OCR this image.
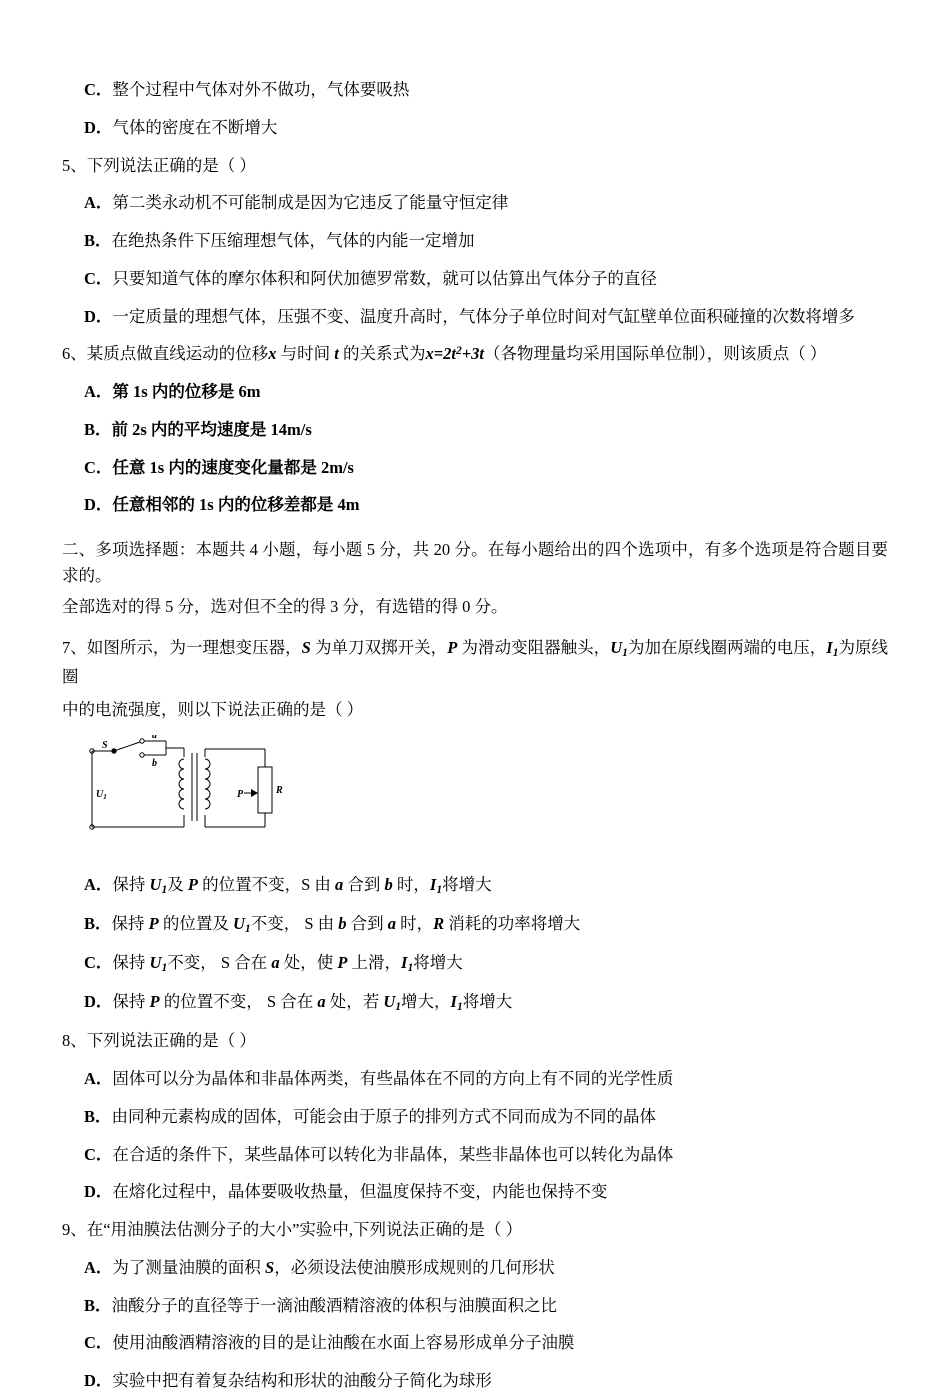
C．整个过程中气体对外不做功，气体要吸热
D．气体的密度在不断增大
5、下列说法正确的是（ ）
A．第二类永动机不可能制成是因为它违反了能量守恒定律
B．在绝热条件下压缩理想气体，气体的内能一定增加
C．只要知道气体的摩尔体积和阿伏加德罗常数，就可以估算出气体分子的直径
D．一定质量的理想气体，压强不变、温度升高时，气体分子单位时间对气缸壁单位面积碰撞的次数将增多
6、某质点做直线运动的位移x 与时间 t 的关系式为$x=2t^2+3t$（各物理量均采用国际单位制），则该质点（ ）
A．第 1s 内的位移是 6m
B．前 2s 内的平均速度是 14m/s
C．任意 1s 内的速度变化量都是 2m/s
D．任意相邻的 1s 内的位移差都是 4m
二、多项选择题：本题共 4 小题，每小题 5 分，共 20 分。在每小题给出的四个选项中，有多个选项是符合题目要求的。
全部选对的得 5 分，选对但不全的得 3 分，有选错的得 0 分。
7、如图所示，为一理想变压器，S 为单刀双掷开关，P 为滑动变阻器触头，$U_1$为加在原线圈两端的电压，$I_1$为原线圈
中的电流强度，则以下说法正确的是（ ）
a
b
S
P	R
$U_1$
A．保持 $U_1$及 P 的位置不变，S 由 a 合到 b 时，$I_1$将增大
B．保持 P 的位置及 $U_1$不变， S 由 b 合到 a 时，R 消耗的功率将增大
C．保持 $U_1$不变， S 合在 a 处，使 P 上滑，$I_1$将增大
D．保持 P 的位置不变， S 合在 a 处，若 $U_1$增大，$I_1$将增大
8、下列说法正确的是（ ）
A．固体可以分为晶体和非晶体两类，有些晶体在不同的方向上有不同的光学性质
B．由同种元素构成的固体，可能会由于原子的排列方式不同而成为不同的晶体
C．在合适的条件下，某些晶体可以转化为非晶体，某些非晶体也可以转化为晶体
D．在熔化过程中，晶体要吸收热量，但温度保持不变，内能也保持不变
9、在“用油膜法估测分子的大小”实验中,下列说法正确的是（ ）
A．为了测量油膜的面积 S，必须设法使油膜形成规则的几何形状
B．油酸分子的直径等于一滴油酸酒精溶液的体积与油膜面积之比
C．使用油酸酒精溶液的目的是让油酸在水面上容易形成单分子油膜
D．实验中把有着复杂结构和形状的油酸分子简化为球形
